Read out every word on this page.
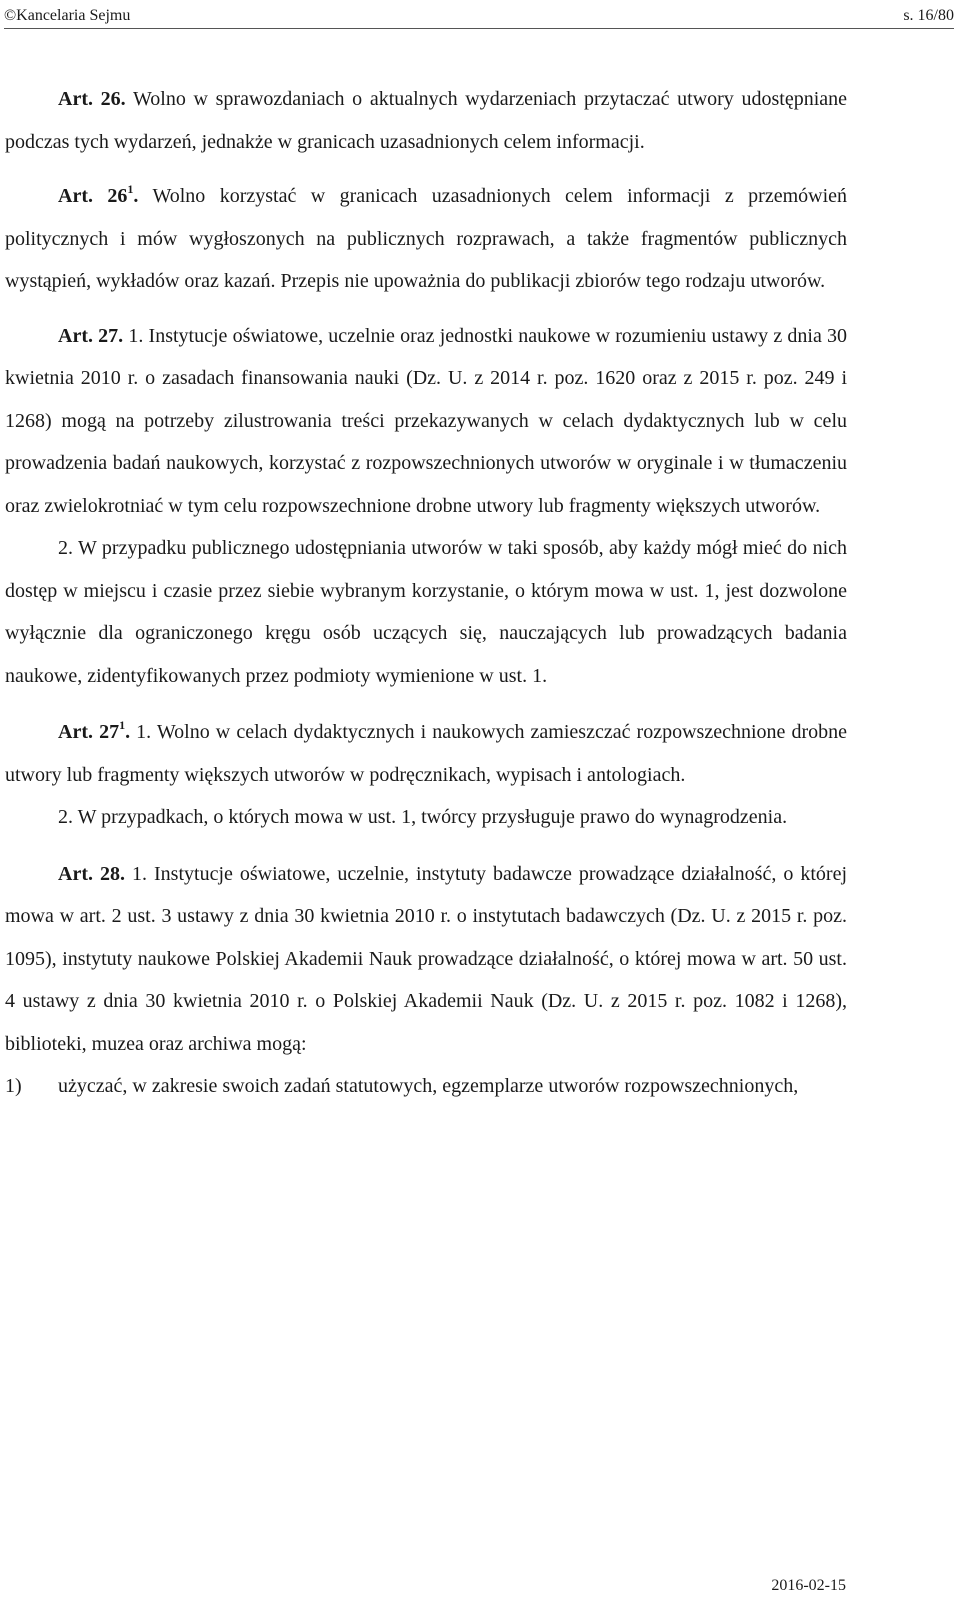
©Kancelaria Sejmu	s. 16/80

Art. 26. Wolno w sprawozdaniach o aktualnych wydarzeniach przytaczać utwory udostępniane podczas tych wydarzeń, jednakże w granicach uzasadnionych celem informacji.

Art. $26^1$. Wolno korzystać w granicach uzasadnionych celem informacji z przemówień politycznych i mów wygłoszonych na publicznych rozprawach, a także fragmentów publicznych wystąpień, wykładów oraz kazań. Przepis nie upoważnia do publikacji zbiorów tego rodzaju utworów.

Art. 27. 1. Instytucje oświatowe, uczelnie oraz jednostki naukowe w rozumieniu ustawy z dnia 30 kwietnia 2010 r. o zasadach finansowania nauki (Dz. U. z 2014 r. poz. 1620 oraz z 2015 r. poz. 249 i 1268) mogą na potrzeby zilustrowania treści przekazywanych w celach dydaktycznych lub w celu prowadzenia badań naukowych, korzystać z rozpowszechnionych utworów w oryginale i w tłumaczeniu oraz zwielokrotniać w tym celu rozpowszechnione drobne utwory lub fragmenty większych utworów.

2. W przypadku publicznego udostępniania utworów w taki sposób, aby każdy mógł mieć do nich dostęp w miejscu i czasie przez siebie wybranym korzystanie, o którym mowa w ust. 1, jest dozwolone wyłącznie dla ograniczonego kręgu osób uczących się, nauczających lub prowadzących badania naukowe, zidentyfikowanych przez podmioty wymienione w ust. 1.

Art. $27^1$. 1. Wolno w celach dydaktycznych i naukowych zamieszczać rozpowszechnione drobne utwory lub fragmenty większych utworów w podręcznikach, wypisach i antologiach.

2. W przypadkach, o których mowa w ust. 1, twórcy przysługuje prawo do wynagrodzenia.

Art. 28. 1. Instytucje oświatowe, uczelnie, instytuty badawcze prowadzące działalność, o której mowa w art. 2 ust. 3 ustawy z dnia 30 kwietnia 2010 r. o instytutach badawczych (Dz. U. z 2015 r. poz. 1095), instytuty naukowe Polskiej Akademii Nauk prowadzące działalność, o której mowa w art. 50 ust. 4 ustawy z dnia 30 kwietnia 2010 r. o Polskiej Akademii Nauk (Dz. U. z 2015 r. poz. 1082 i 1268), biblioteki, muzea oraz archiwa mogą:

1)	użyczać, w zakresie swoich zadań statutowych, egzemplarze utworów rozpowszechnionych,
2016-02-15
